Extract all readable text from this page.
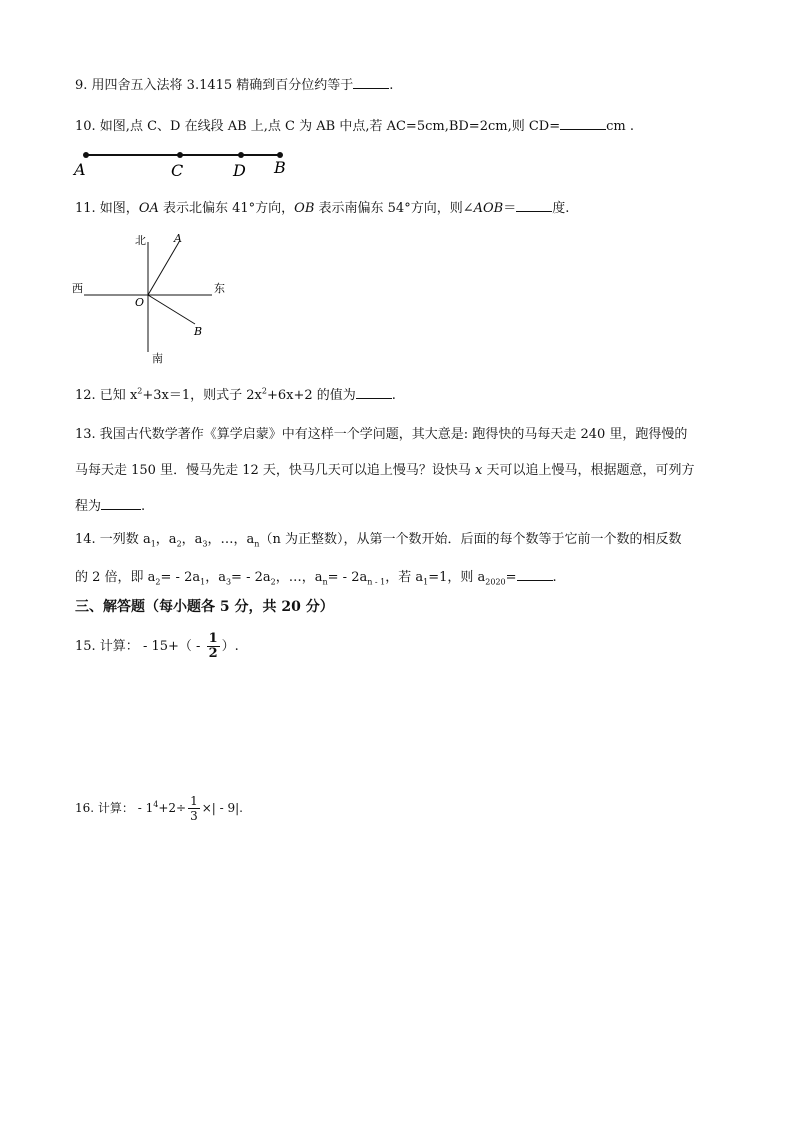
9. 用四舍五入法将 3.1415 精确到百分位约等于	.
10. 如图,点 C、D 在线段 AB 上,点 C 为 AB 中点,若 AC=5cm,BD=2cm,则 CD=	cm .
A	C	D B
11. 如图，OA 表示北偏东 41°方向，OB 表示南偏东 54°方向，则∠AOB＝	度.
北	A
西	东
O
B
南
12. 已知 $x^2+3x=1$，则式子 $2x^2+6x+2$ 的值为	.
13. 我国古代数学著作《算学启蒙》中有这样一个学问题，其大意是: 跑得快的马每天走 240 里，跑得慢的
马每天走 150 里．慢马先走 12 天，快马几天可以追上慢马？设快马 x 天可以追上慢马，根据题意，可列方
程为	.
14. 一列数 $a_1$，$a_2$，$a_3$，…，$a_n(n$ 为正整数），从第一个数开始．后面的每个数等于它前一个数的相反数
的 2 倍，即 $a_2= - 2a_1$，$a_3= - 2a_2$，…，$a_n= - 2a_{n - 1}$，若 $a_1=1$，则 $a_{2020}=$	.
三、解答题（每小题各 5 分，共 20 分）
15. 计算： - $15+( - \frac{1}{2}$ ）.
16. 计算： - $1^4+2\div \frac{1}{3}$ ×| - 9|.
